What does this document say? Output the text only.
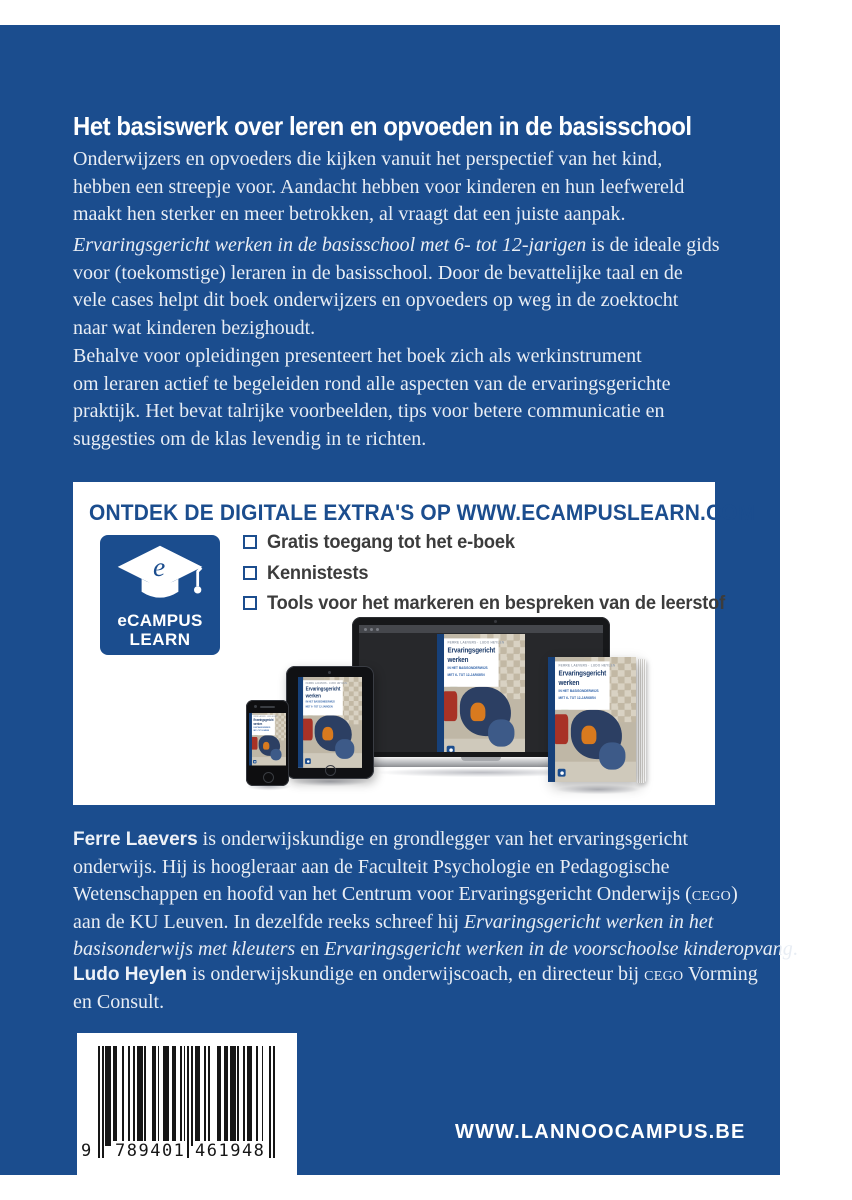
Het basiswerk over leren en opvoeden in de basisschool
Onderwijzers en opvoeders die kijken vanuit het perspectief van het kind,
hebben een streepje voor. Aandacht hebben voor kinderen en hun leefwereld
maakt hen sterker en meer betrokken, al vraagt dat een juiste aanpak.
Ervaringsgericht werken in de basisschool met 6- tot 12-jarigen is de ideale gids
voor (toekomstige) leraren in de basisschool. Door de bevattelijke taal en de
vele cases helpt dit boek onderwijzers en opvoeders op weg in de zoektocht
naar wat kinderen bezighoudt.
Behalve voor opleidingen presenteert het boek zich als werkinstrument
om leraren actief te begeleiden rond alle aspecten van de ervaringsgerichte
praktijk. Het bevat talrijke voorbeelden, tips voor betere communicatie en
suggesties om de klas levendig in te richten.
ONTDEK DE DIGITALE EXTRA'S OP WWW.ECAMPUSLEARN.COM
e
eCAMPUS
LEARN
Gratis toegang tot het e-boek
Kennistests
Tools voor het markeren en bespreken van de leerstof
FERRE LAEVERS · LUDO HEYLEN
Ervaringsgericht
werken
IN HET BASISONDERWIJS
MET 6- TOT 12-JARIGEN
FERRE LAEVERS · LUDO HEYLEN
Ervaringsgericht
werken
IN HET BASISONDERWIJS
MET 6- TOT 12-JARIGEN
FERRE LAEVERS · LUDO HEYLEN
Ervaringsgericht
werken
IN HET BASISONDERWIJS
MET 6- TOT 12-JARIGEN
FERRE LAEVERS · LUDO HEYLEN
Ervaringsgericht
werken
IN HET BASISONDERWIJS
MET 6- TOT 12-JARIGEN
Ferre Laevers is onderwijskundige en grondlegger van het ervaringsgericht
onderwijs. Hij is hoogleraar aan de Faculteit Psychologie en Pedagogische
Wetenschappen en hoofd van het Centrum voor Ervaringsgericht Onderwijs (cego)
aan de KU Leuven. In dezelfde reeks schreef hij Ervaringsgericht werken in het
basisonderwijs met kleuters en Ervaringsgericht werken in de voorschoolse kinderopvang.
Ludo Heylen is onderwijskundige en onderwijscoach, en directeur bij cego Vorming
en Consult.
9 789401 461948
WWW.LANNOOCAMPUS.BE
